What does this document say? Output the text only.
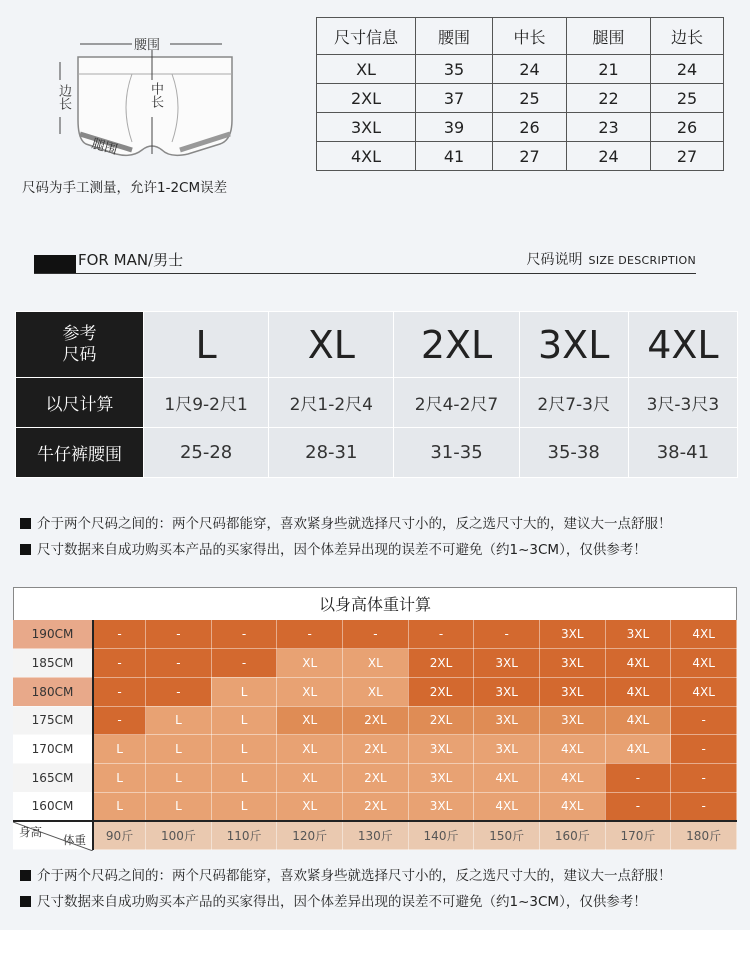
腰围
中长
边长
腿围
尺码为手工测量，允许1-2CM误差
尺寸信息	腰围	中长	腿围	边长
XL	35	24	21	24
2XL	37	25	22	25
3XL	39	26	23	26
4XL	41	27	24	27
FOR MAN/男士	尺码说明 SIZE DESCRIPTION
参考
尺码	L	XL	2XL	3XL	4XL
以尺计算	1尺9-2尺1	2尺1-2尺4	2尺4-2尺7	2尺7-3尺	3尺-3尺3
牛仔裤腰围	25-28	28-31	31-35	35-38	38-41
介于两个尺码之间的：两个尺码都能穿，喜欢紧身些就选择尺寸小的，反之选尺寸大的，建议大一点舒服！
尺寸数据来自成功购买本产品的买家得出，因个体差异出现的误差不可避免（约1~3CM），仅供参考！
以身高体重计算
190CM	-	-	-	-	-	-	-	3XL	3XL	4XL
185CM	-	-	-	XL	XL	2XL	3XL	3XL	4XL	4XL
180CM	-	-	L	XL	XL	2XL	3XL	3XL	4XL	4XL
175CM	-	L	L	XL	2XL	2XL	3XL	3XL	4XL	-
170CM	L	L	L	XL	2XL	3XL	3XL	4XL	4XL	-
165CM	L	L	L	XL	2XL	3XL	4XL	4XL	-	-
160CM	L	L	L	XL	2XL	3XL	4XL	4XL	-	-

身高
体重	90斤	100斤	110斤	120斤	130斤	140斤	150斤	160斤	170斤	180斤
介于两个尺码之间的：两个尺码都能穿，喜欢紧身些就选择尺寸小的，反之选尺寸大的，建议大一点舒服！
尺寸数据来自成功购买本产品的买家得出，因个体差异出现的误差不可避免（约1~3CM），仅供参考！
